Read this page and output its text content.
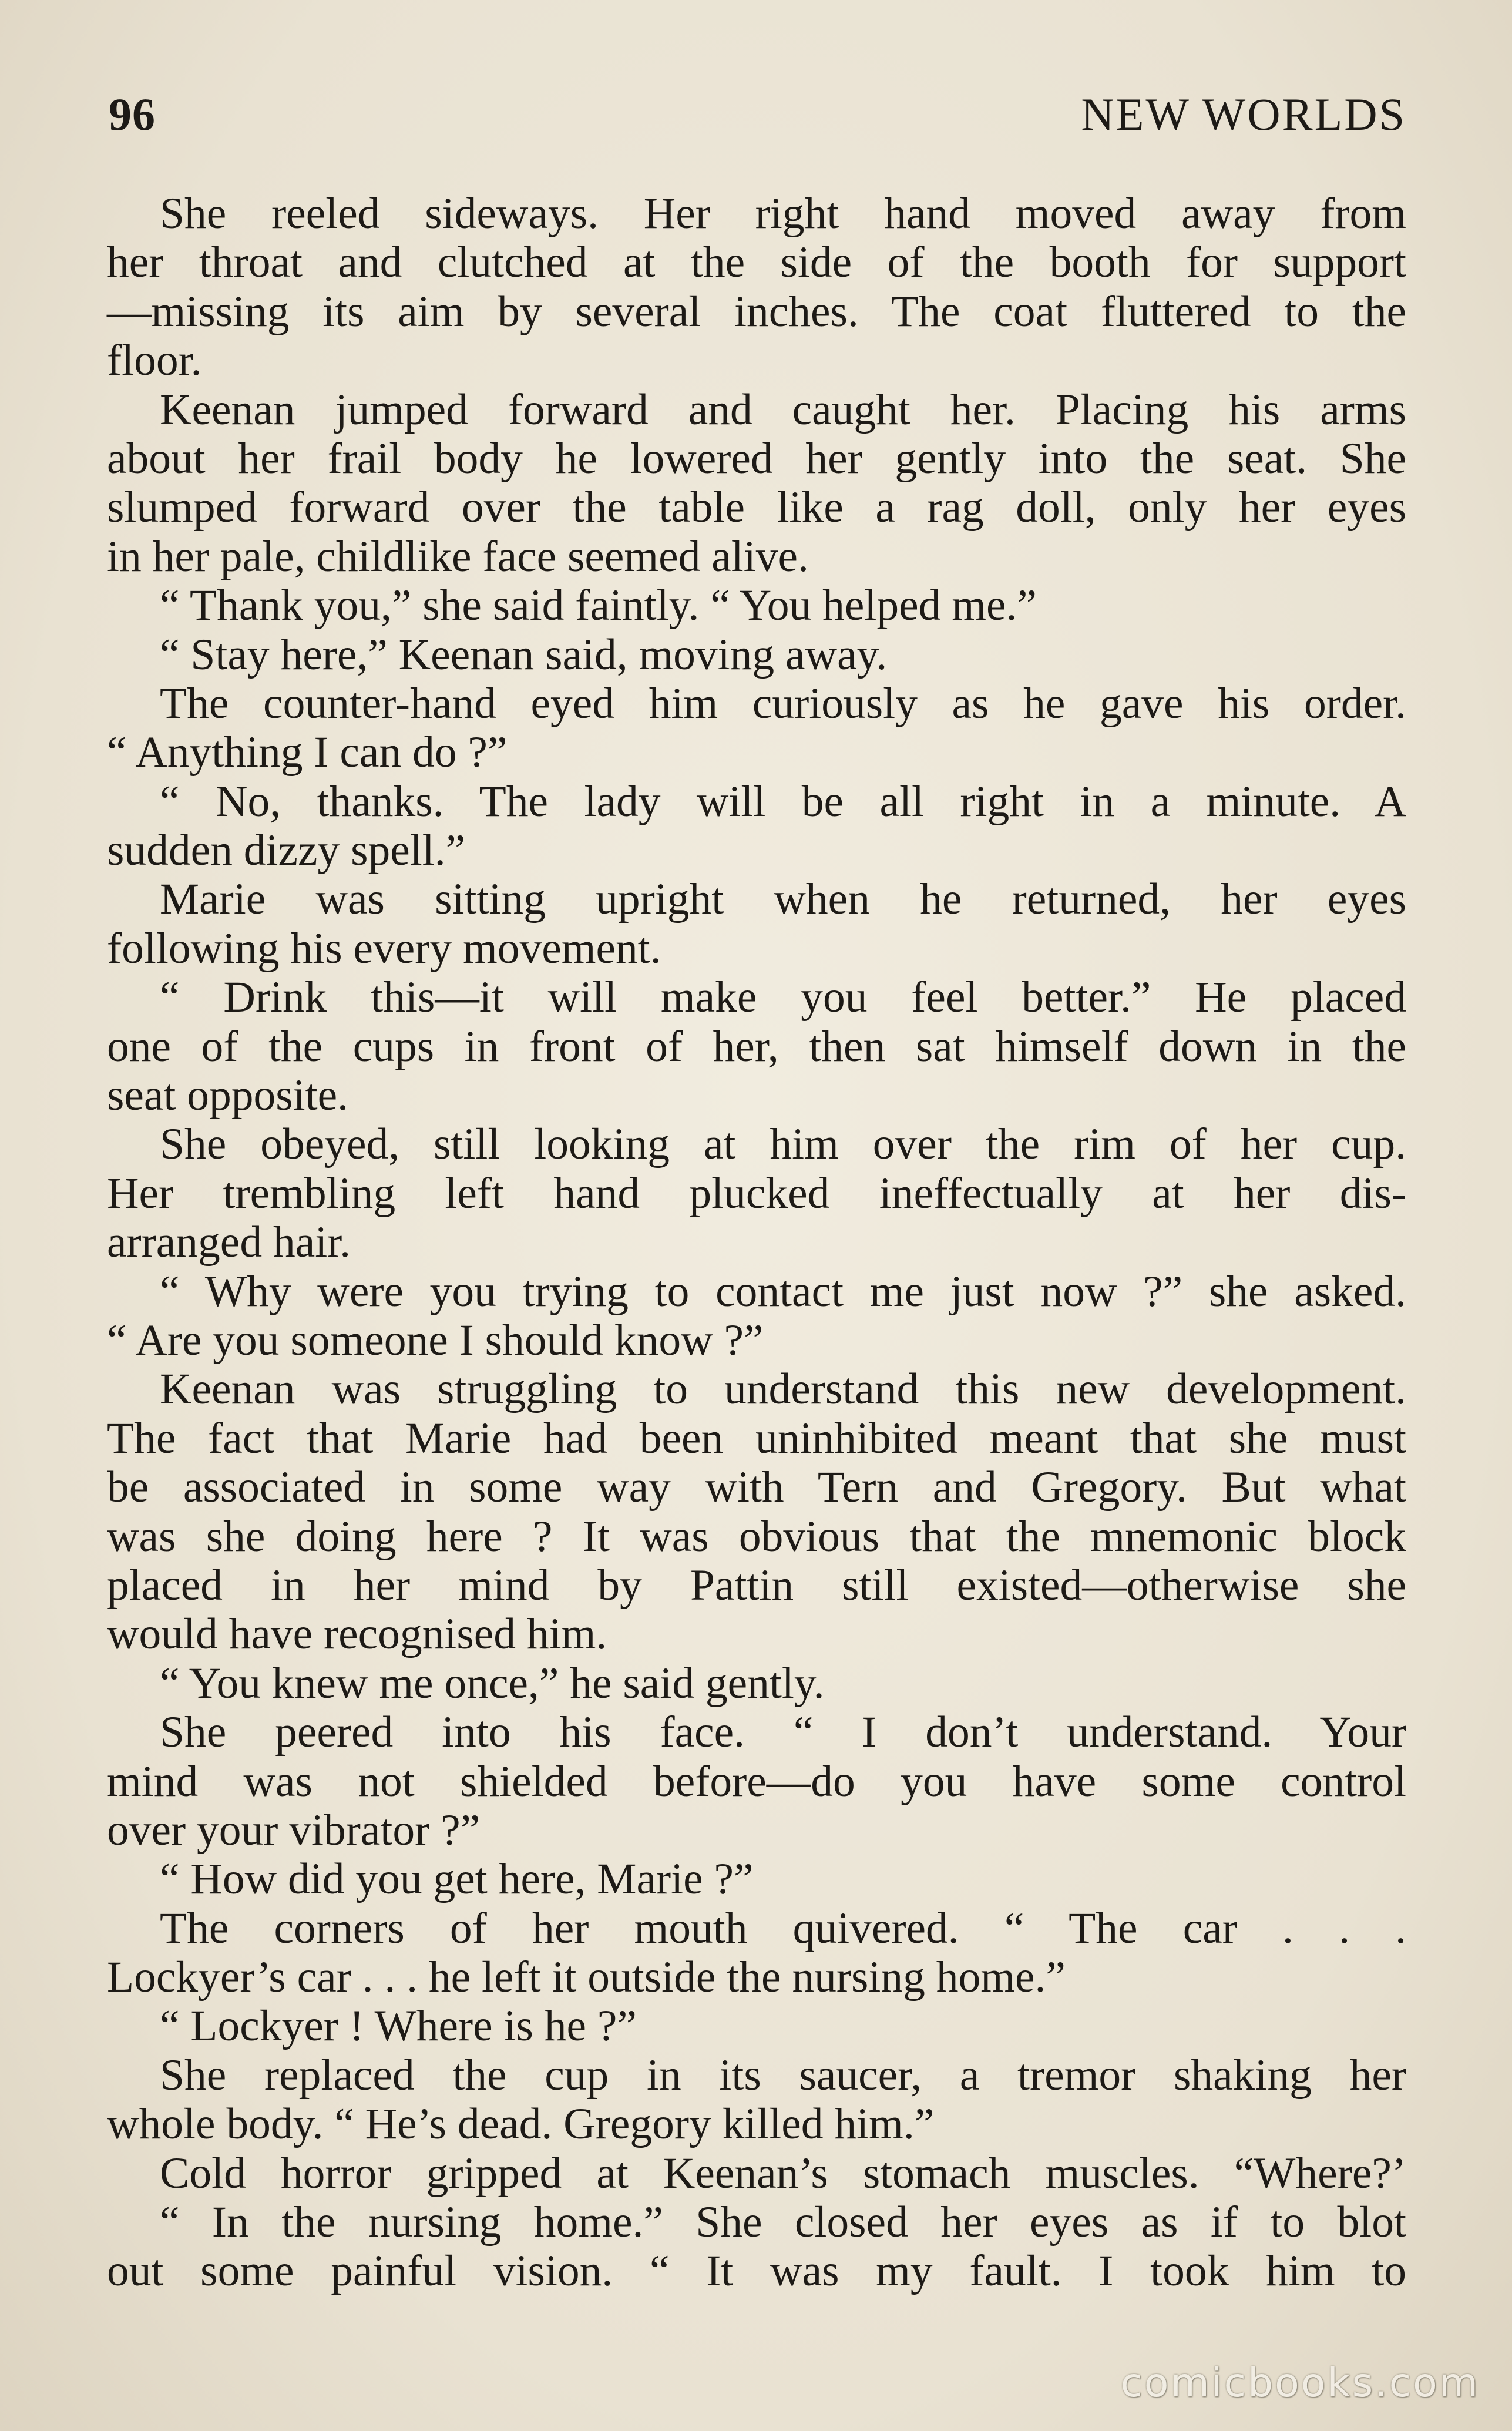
96	NEW WORLDS
She reeled sideways. Her right hand moved away from
her throat and clutched at the side of the booth for support
—missing its aim by several inches. The coat fluttered to the
floor.
Keenan jumped forward and caught her. Placing his arms
about her frail body he lowered her gently into the seat. She
slumped forward over the table like a rag doll, only her eyes
in her pale, childlike face seemed alive.
“ Thank you,” she said faintly. “ You helped me.”
“ Stay here,” Keenan said, moving away.
The counter-hand eyed him curiously as he gave his order.
“ Anything I can do ?”
“ No, thanks. The lady will be all right in a minute. A
sudden dizzy spell.”
Marie was sitting upright when he returned, her eyes
following his every movement.
“ Drink this—it will make you feel better.” He placed
one of the cups in front of her, then sat himself down in the
seat opposite.
She obeyed, still looking at him over the rim of her cup.
Her trembling left hand plucked ineffectually at her dis-
arranged hair.
“ Why were you trying to contact me just now ?” she asked.
“ Are you someone I should know ?”
Keenan was struggling to understand this new development.
The fact that Marie had been uninhibited meant that she must
be associated in some way with Tern and Gregory. But what
was she doing here ? It was obvious that the mnemonic block
placed in her mind by Pattin still existed—otherwise she
would have recognised him.
“ You knew me once,” he said gently.
She peered into his face. “ I don’t understand. Your
mind was not shielded before—do you have some control
over your vibrator ?”
“ How did you get here, Marie ?”
The corners of her mouth quivered. “ The car . . .
Lockyer’s car . . . he left it outside the nursing home.”
“ Lockyer ! Where is he ?”
She replaced the cup in its saucer, a tremor shaking her
whole body. “ He’s dead. Gregory killed him.”
Cold horror gripped at Keenan’s stomach muscles. “Where?’
“ In the nursing home.” She closed her eyes as if to blot
out some painful vision. “ It was my fault. I took him to
comicbooks.com
